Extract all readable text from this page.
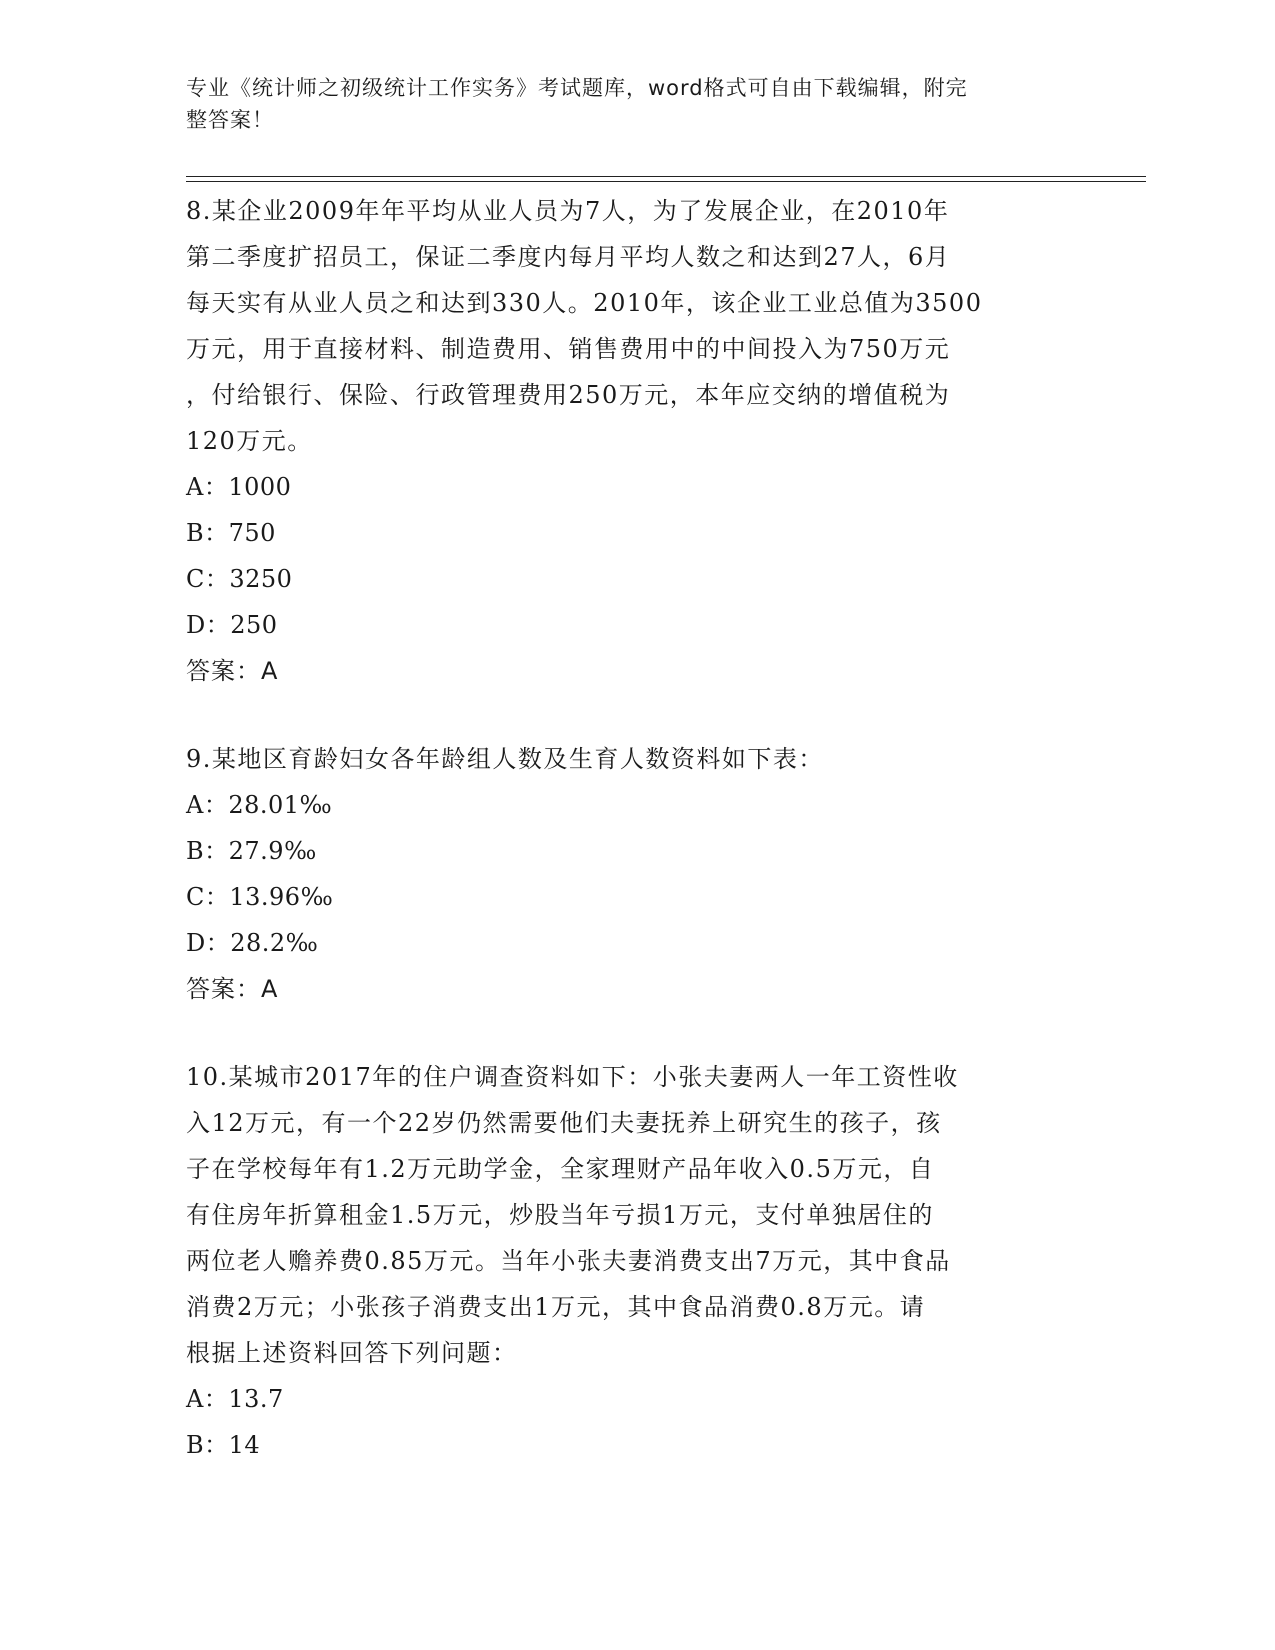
专业《统计师之初级统计工作实务》考试题库，word格式可自由下载编辑，附完
整答案！
8.某企业2009年年平均从业人员为7人，为了发展企业，在2010年
第二季度扩招员工，保证二季度内每月平均人数之和达到27人，6月
每天实有从业人员之和达到330人。2010年，该企业工业总值为3500
万元，用于直接材料、制造费用、销售费用中的中间投入为750万元
，付给银行、保险、行政管理费用250万元，本年应交纳的增值税为
120万元。
A：1000
B：750
C：3250
D：250
答案：A
9.某地区育龄妇女各年龄组人数及生育人数资料如下表：
A：28.01‰
B：27.9‰
C：13.96‰
D：28.2‰
答案：A
10.某城市2017年的住户调查资料如下：小张夫妻两人一年工资性收
入12万元，有一个22岁仍然需要他们夫妻抚养上研究生的孩子，孩
子在学校每年有1.2万元助学金，全家理财产品年收入0.5万元，自
有住房年折算租金1.5万元，炒股当年亏损1万元，支付单独居住的
两位老人赡养费0.85万元。当年小张夫妻消费支出7万元，其中食品
消费2万元；小张孩子消费支出1万元，其中食品消费0.8万元。请
根据上述资料回答下列问题：
A：13.7
B：14
